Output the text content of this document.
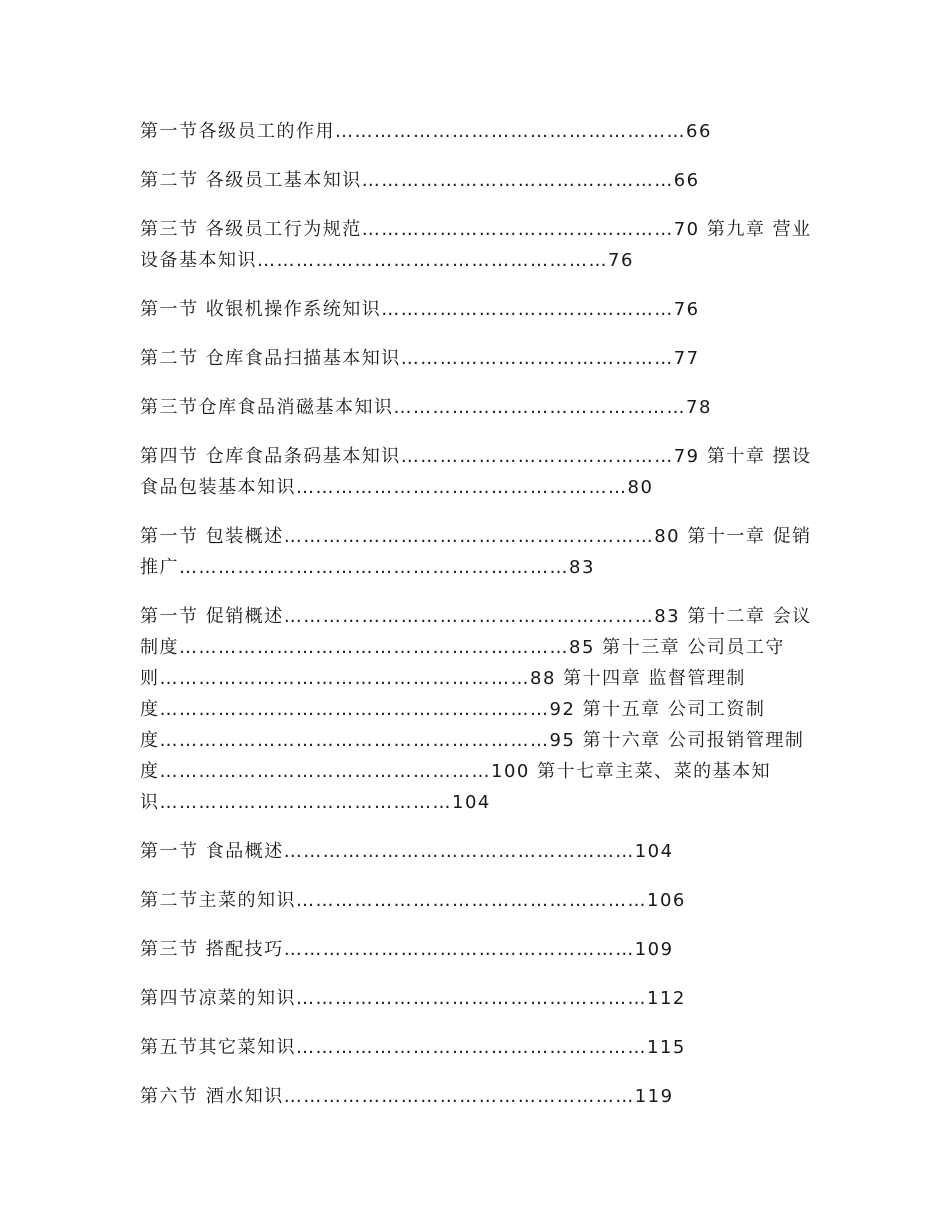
第一节各级员工的作用………………………………………………66
第二节 各级员工基本知识…………………………………………66
第三节 各级员工行为规范…………………………………………70 第九章 营业设备基本知识………………………………………………76
第一节 收银机操作系统知识………………………………………76
第二节 仓库食品扫描基本知识……………………………………77
第三节仓库食品消磁基本知识………………………………………78
第四节 仓库食品条码基本知识……………………………………79 第十章 摆设食品包装基本知识……………………………………………80
第一节 包装概述…………………………………………………80 第十一章 促销推广……………………………………………………83
第一节 促销概述…………………………………………………83 第十二章 会议制度……………………………………………………85 第十三章 公司员工守则…………………………………………………88 第十四章 监督管理制度……………………………………………………92 第十五章 公司工资制度……………………………………………………95 第十六章 公司报销管理制度……………………………………………100 第十七章主菜、菜的基本知识………………………………………104
第一节 食品概述………………………………………………104
第二节主菜的知识………………………………………………106
第三节 搭配技巧………………………………………………109
第四节凉菜的知识………………………………………………112
第五节其它菜知识………………………………………………115
第六节 酒水知识………………………………………………119
